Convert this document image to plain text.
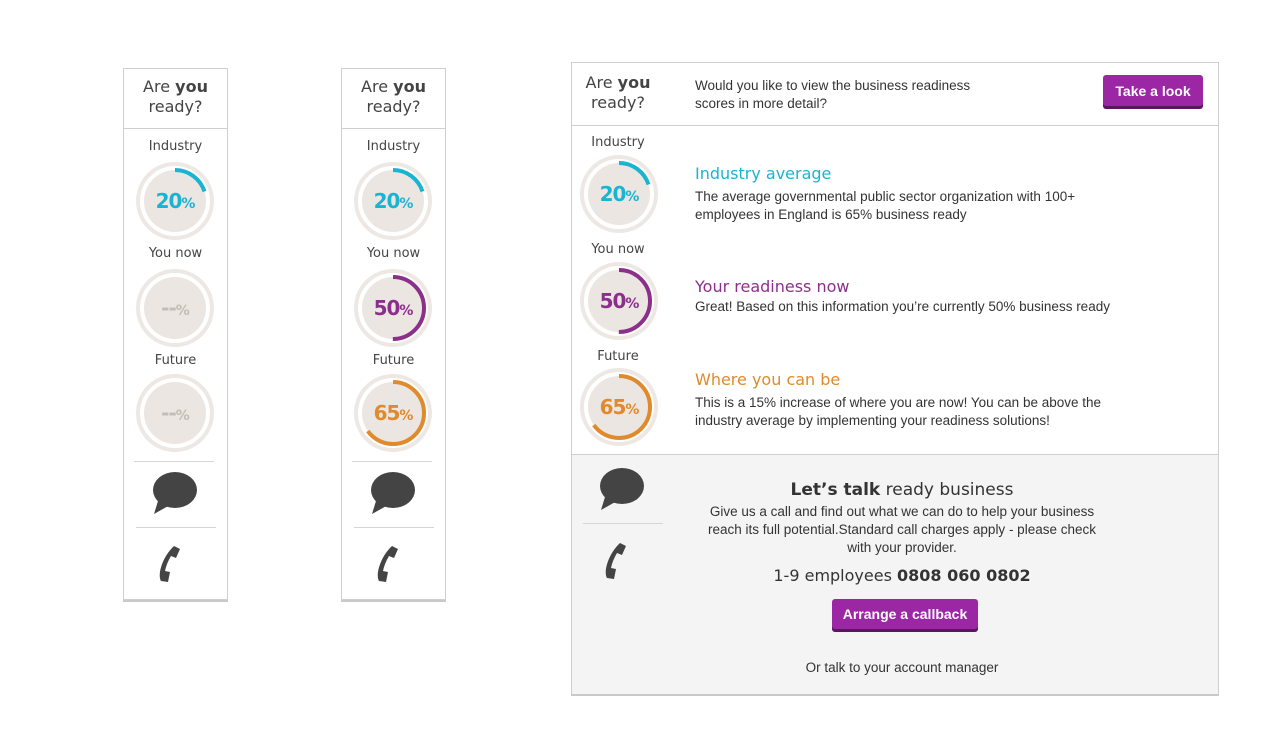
Are you
ready?
Industry
20%
You now
--%
Future
--%
Are you
ready?
Industry
20%
You now
50%
Future
65%
Are you
ready?
Would you like to view the business readiness scores in more detail?
Take a look
Industry
20%
Industry average
The average governmental public sector organization with 100+ employees in England is 65% business ready
You now
50%
Your readiness now
Great! Based on this information you’re currently 50% business ready
Future
65%
Where you can be
This is a 15% increase of where you are now! You can be above the industry average by implementing your readiness solutions!
Let’s talk ready business
Give us a call and find out what we can do to help your business reach its full potential.Standard call charges apply - please check with your provider.
1-9 employees 0808 060 0802
Arrange a callback
Or talk to your account manager
